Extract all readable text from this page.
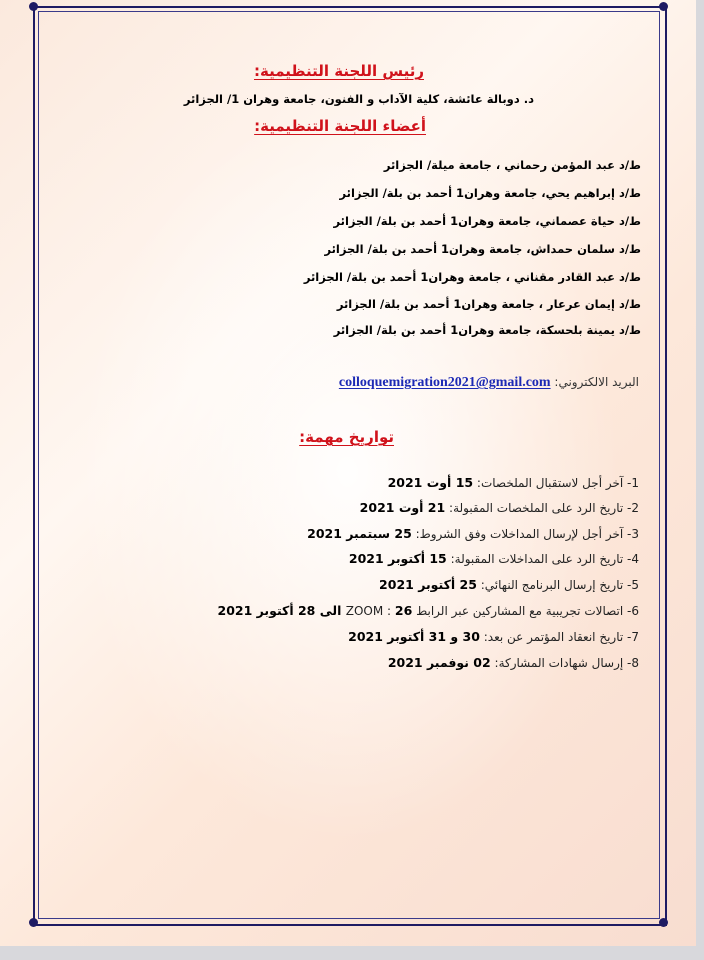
رئيس اللجنة التنظيمية:
د. دوبالة عائشة، كلية الآداب و الفنون، جامعة وهران 1/ الجزائر
أعضاء اللجنة التنظيمية:
ط/د عبد المؤمن رحماني ، جامعة ميلة/ الجزائر
ط/د إبراهيم يحي، جامعة وهران1 أحمد بن بلة/ الجزائر
ط/د حياة عصماني، جامعة وهران1 أحمد بن بلة/ الجزائر
ط/د سلمان حمداش، جامعة وهران1 أحمد بن بلة/ الجزائر
ط/د عبد القادر مقناني ، جامعة وهران1 أحمد بن بلة/ الجزائر
ط/د إيمان عرعار ، جامعة وهران1 أحمد بن بلة/ الجزائر
ط/د يمينة بلحسكة، جامعة وهران1 أحمد بن بلة/ الجزائر
البريد الالكتروني: colloquemigration2021@gmail.com
تواريخ مهمة:
1- آخر أجل لاستقبال الملخصات: 15 أوت 2021
2- تاريخ الرد على الملخصات المقبولة: 21 أوت 2021
3- آخر أجل لإرسال المداخلات وفق الشروط: 25 سبتمبر 2021
4- تاريخ الرد على المداخلات المقبولة: 15 أكتوبر 2021
5- تاريخ إرسال البرنامج النهائي: 25 أكتوبر 2021
6- اتصالات تجريبية مع المشاركين عبر الرابط ZOOM : 26 الى 28 أكتوبر 2021
7- تاريخ انعقاد المؤتمر عن بعد: 30 و 31 أكتوبر 2021
8- إرسال شهادات المشاركة: 02 نوفمبر 2021
